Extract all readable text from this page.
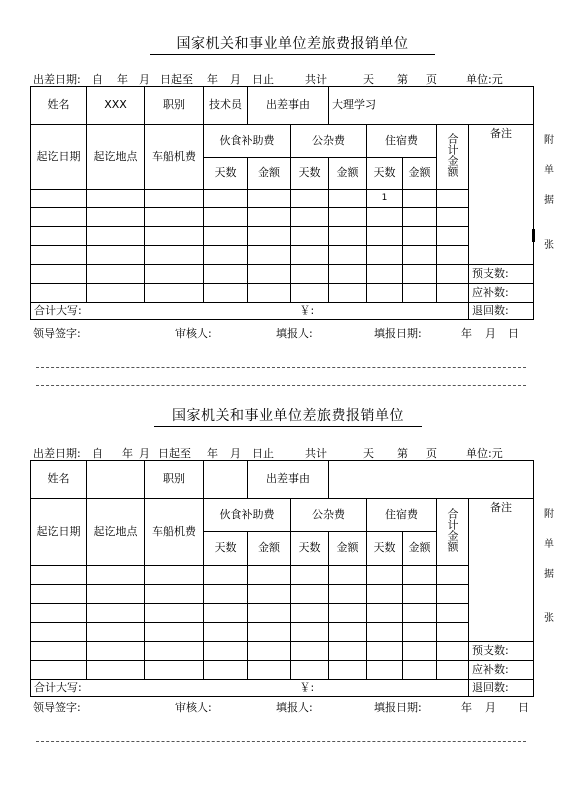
国家机关和事业单位差旅费报销单位
出差日期: 自 年 月 日起至 年 月 日止	共计	天 第 页	单位:元
姓名	XXX	职别	技术员	出差事由		大理学习					
起讫日期	起讫地点	车船机费	伙食补助费		公杂费		住宿费		合计金额	备注	
			天数	金额	天数	金额	天数	金额			
							1				

										预支数:	
										应补数:	
合计大写:				￥:						退回数:	
附
单
据
张
领导签字:	审核人:	填报人:	填报日期:	年 月 日
国家机关和事业单位差旅费报销单位
出差日期: 自 年 月 日起至 年 月 日止	共计	天 第 页	单位:元
姓名		职别		出差事由							
起讫日期	起讫地点	车船机费	伙食补助费		公杂费		住宿费		合计金额	备注	
			天数	金额	天数	金额	天数	金额			

										预支数:	
										应补数:	
合计大写:				￥:						退回数:	
附
单
据
张
领导签字:	审核人:	填报人:	填报日期:	年 月 日
